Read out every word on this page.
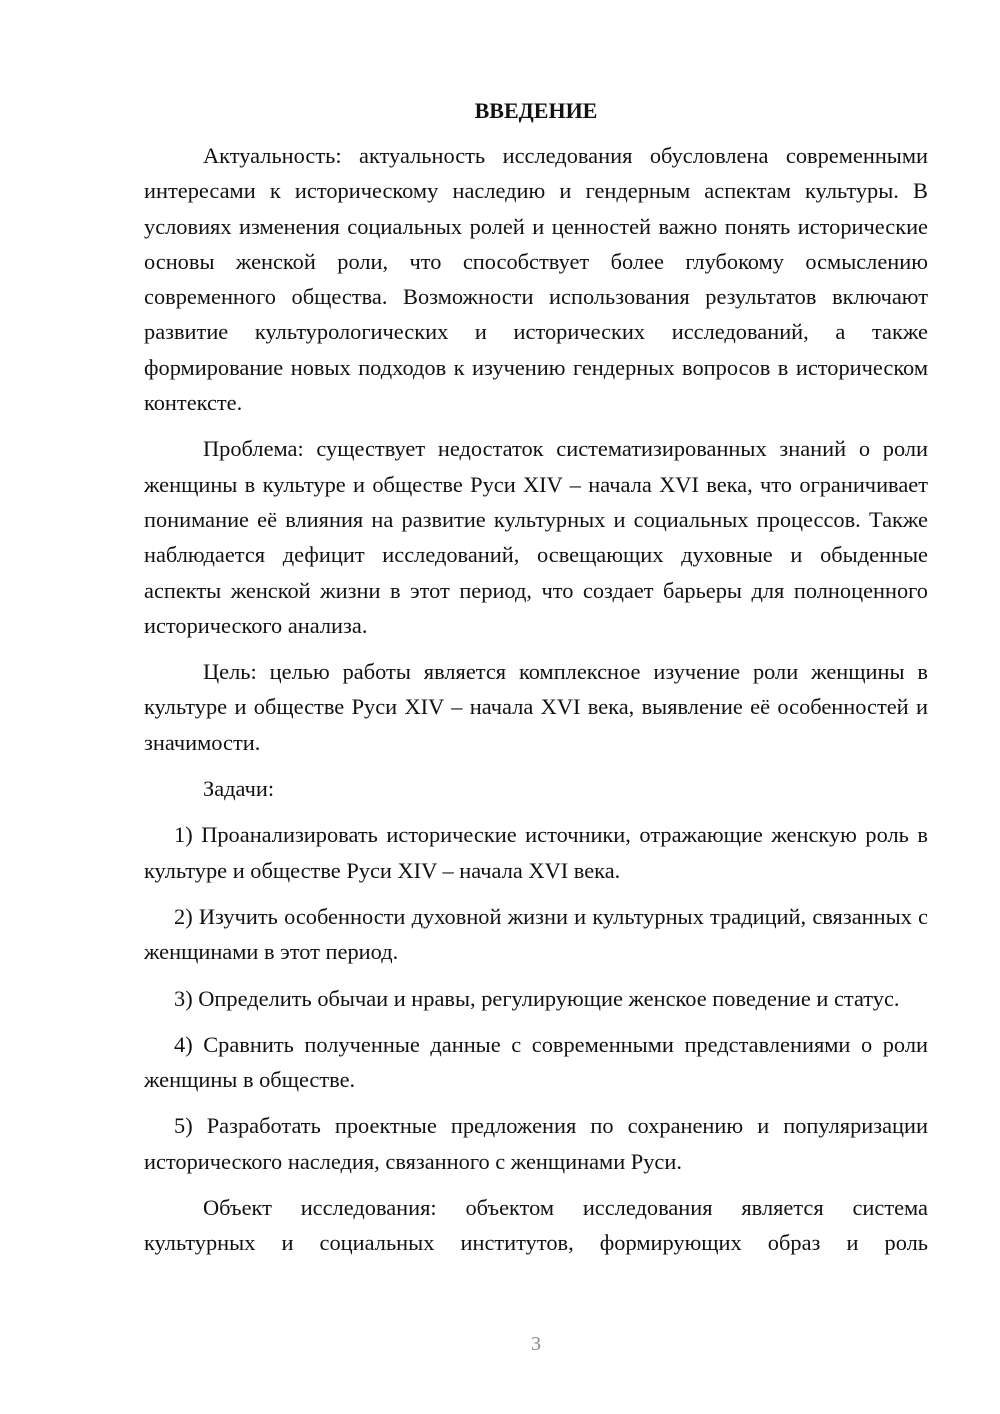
ВВЕДЕНИЕ

Актуальность: актуальность исследования обусловлена современными интересами к историческому наследию и гендерным аспектам культуры. В условиях изменения социальных ролей и ценностей важно понять исторические основы женской роли, что способствует более глубокому осмыслению современного общества. Возможности использования результатов включают развитие культурологических и исторических исследований, а также формирование новых подходов к изучению гендерных вопросов в историческом контексте.

Проблема: существует недостаток систематизированных знаний о роли женщины в культуре и обществе Руси XIV – начала XVI века, что ограничивает понимание её влияния на развитие культурных и социальных процессов. Также наблюдается дефицит исследований, освещающих духовные и обыденные аспекты женской жизни в этот период, что создает барьеры для полноценного исторического анализа.

Цель: целью работы является комплексное изучение роли женщины в культуре и обществе Руси XIV – начала XVI века, выявление её особенностей и значимости.

Задачи:

1) Проанализировать исторические источники, отражающие женскую роль в культуре и обществе Руси XIV – начала XVI века.

2) Изучить особенности духовной жизни и культурных традиций, связанных с женщинами в этот период.

3) Определить обычаи и нравы, регулирующие женское поведение и статус.

4) Сравнить полученные данные с современными представлениями о роли женщины в обществе.

5) Разработать проектные предложения по сохранению и популяризации исторического наследия, связанного с женщинами Руси.

Объект исследования: объектом исследования является система культурных и социальных институтов, формирующих образ и роль

3
